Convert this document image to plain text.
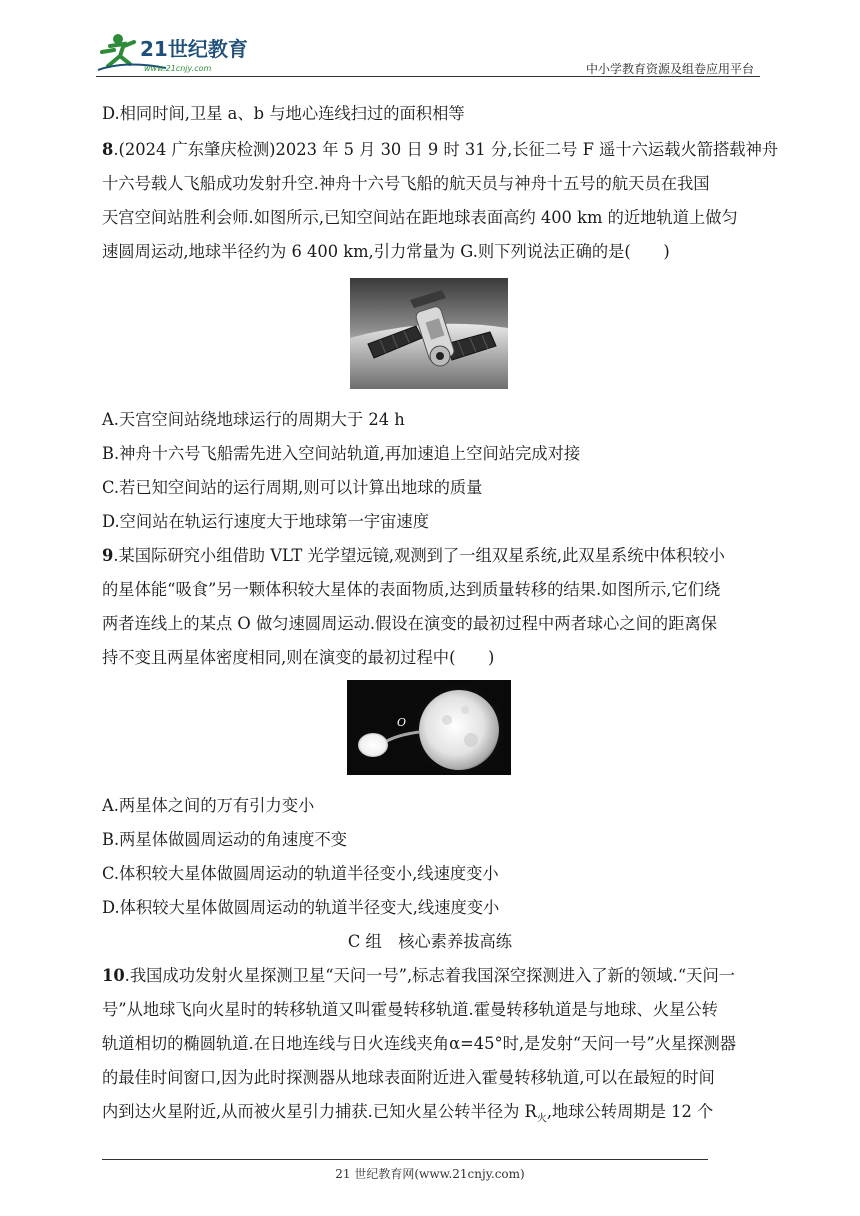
21世纪教育
www.21cnjy.com	中小学教育资源及组卷应用平台
D.相同时间,卫星 a、b 与地心连线扫过的面积相等
8.(2024 广东肇庆检测)2023 年 5 月 30 日 9 时 31 分,长征二号 F 遥十六运载火箭搭载神舟
十六号载人飞船成功发射升空.神舟十六号飞船的航天员与神舟十五号的航天员在我国
天宫空间站胜利会师.如图所示,已知空间站在距地球表面高约 400 km 的近地轨道上做匀
速圆周运动,地球半径约为 6 400 km,引力常量为 G.则下列说法正确的是(　　)
A.天宫空间站绕地球运行的周期大于 24 h
B.神舟十六号飞船需先进入空间站轨道,再加速追上空间站完成对接
C.若已知空间站的运行周期,则可以计算出地球的质量
D.空间站在轨运行速度大于地球第一宇宙速度
9.某国际研究小组借助 VLT 光学望远镜,观测到了一组双星系统,此双星系统中体积较小
的星体能“吸食”另一颗体积较大星体的表面物质,达到质量转移的结果.如图所示,它们绕
两者连线上的某点 O 做匀速圆周运动.假设在演变的最初过程中两者球心之间的距离保
持不变且两星体密度相同,则在演变的最初过程中(　　)
O
A.两星体之间的万有引力变小
B.两星体做圆周运动的角速度不变
C.体积较大星体做圆周运动的轨道半径变小,线速度变小
D.体积较大星体做圆周运动的轨道半径变大,线速度变小
C 组　核心素养拔高练
10.我国成功发射火星探测卫星“天问一号”,标志着我国深空探测进入了新的领域.“天问一
号”从地球飞向火星时的转移轨道又叫霍曼转移轨道.霍曼转移轨道是与地球、火星公转
轨道相切的椭圆轨道.在日地连线与日火连线夹角α=45°时,是发射“天问一号”火星探测器
的最佳时间窗口,因为此时探测器从地球表面附近进入霍曼转移轨道,可以在最短的时间
内到达火星附近,从而被火星引力捕获.已知火星公转半径为 $R_火$,地球公转周期是 12 个
21 世纪教育网(www.21cnjy.com)
